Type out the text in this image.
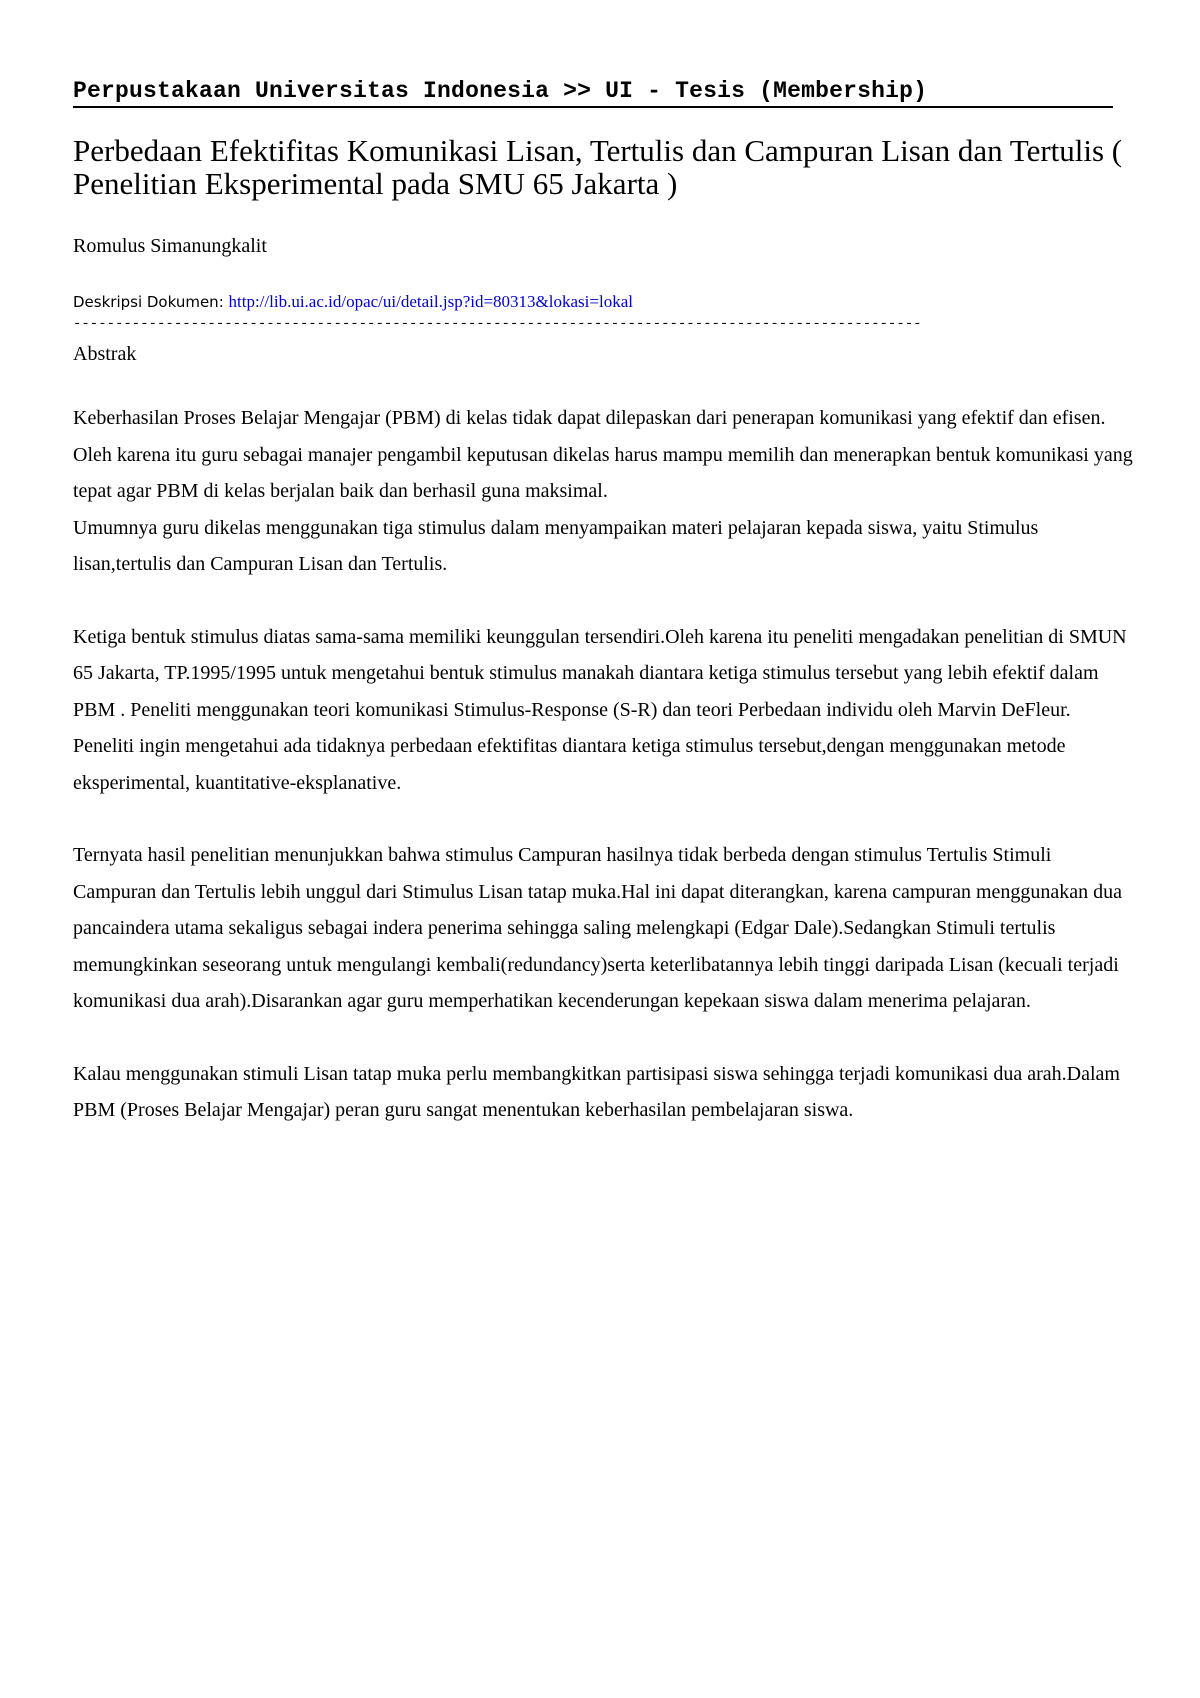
Perpustakaan Universitas Indonesia >> UI - Tesis (Membership)
Perbedaan Efektifitas Komunikasi Lisan, Tertulis dan Campuran Lisan dan Tertulis ( Penelitian Eksperimental pada SMU 65 Jakarta )
Romulus Simanungkalit
Deskripsi Dokumen: http://lib.ui.ac.id/opac/ui/detail.jsp?id=80313&lokasi=lokal
-----------------------------------------------------------------------------------------------------
Abstrak

Keberhasilan Proses Belajar Mengajar (PBM) di kelas tidak dapat dilepaskan dari penerapan komunikasi yang efektif dan efisen. Oleh karena itu guru sebagai manajer pengambil keputusan dikelas harus mampu memilih dan menerapkan bentuk komunikasi yang tepat agar PBM di kelas berjalan baik dan berhasil guna maksimal.

Umumnya guru dikelas menggunakan tiga stimulus dalam menyampaikan materi pelajaran kepada siswa, yaitu Stimulus lisan,tertulis dan Campuran Lisan dan Tertulis.

Ketiga bentuk stimulus diatas sama-sama memiliki keunggulan tersendiri.Oleh karena itu peneliti mengadakan penelitian di SMUN 65 Jakarta, TP.1995/1995 untuk mengetahui bentuk stimulus manakah diantara ketiga stimulus tersebut yang lebih efektif dalam PBM . Peneliti menggunakan teori komunikasi Stimulus-Response (S-R) dan teori Perbedaan individu oleh Marvin DeFleur. Peneliti ingin mengetahui ada tidaknya perbedaan efektifitas diantara ketiga stimulus tersebut,dengan menggunakan metode eksperimental, kuantitative-eksplanative.

Ternyata hasil penelitian menunjukkan bahwa stimulus Campuran hasilnya tidak berbeda dengan stimulus Tertulis Stimuli Campuran dan Tertulis lebih unggul dari Stimulus Lisan tatap muka.Hal ini dapat diterangkan, karena campuran menggunakan dua pancaindera utama sekaligus sebagai indera penerima sehingga saling melengkapi (Edgar Dale).Sedangkan Stimuli tertulis memungkinkan seseorang untuk mengulangi kembali(redundancy)serta keterlibatannya lebih tinggi daripada Lisan (kecuali terjadi komunikasi dua arah).Disarankan agar guru memperhatikan kecenderungan kepekaan siswa dalam menerima pelajaran.

Kalau menggunakan stimuli Lisan tatap muka perlu membangkitkan partisipasi siswa sehingga terjadi komunikasi dua arah.Dalam PBM (Proses Belajar Mengajar) peran guru sangat menentukan keberhasilan pembelajaran siswa.
